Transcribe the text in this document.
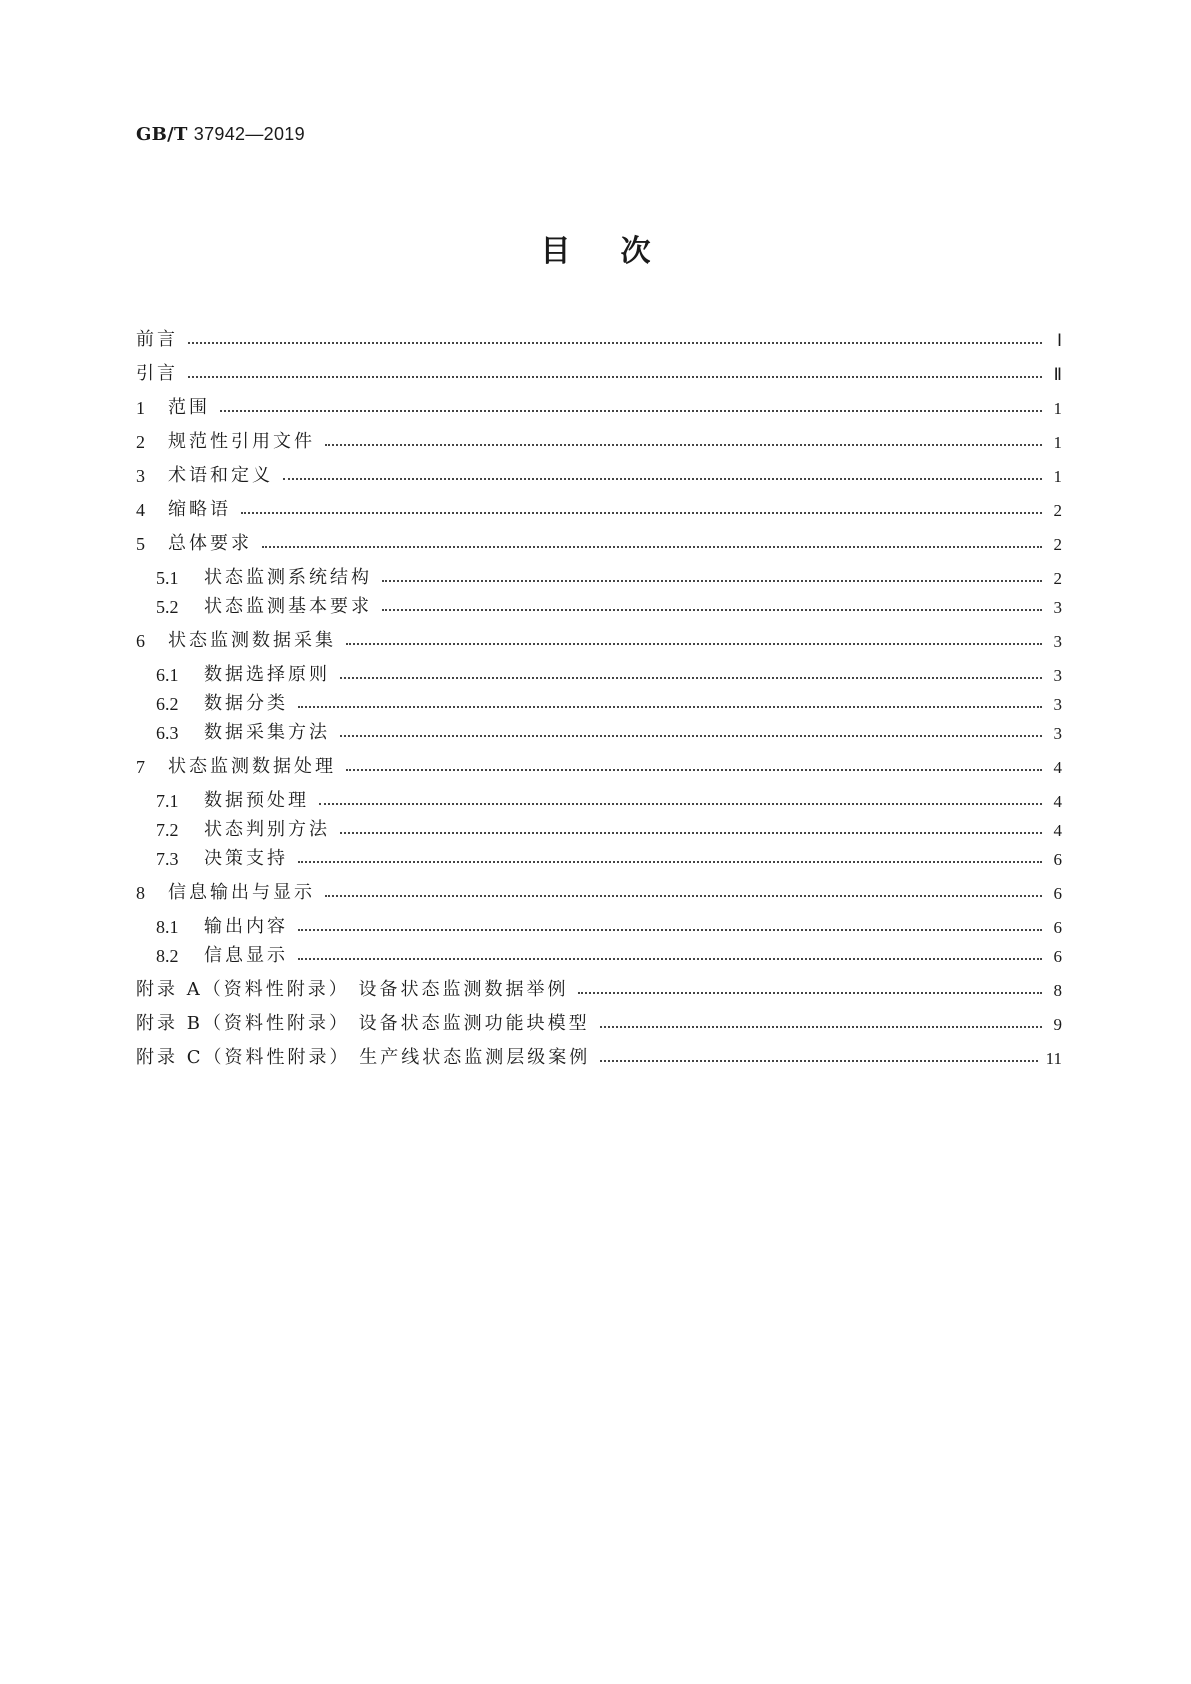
GB/T 37942—2019
目次
前言	Ⅰ
引言	Ⅱ
1	范围	1
2	规范性引用文件	1
3	术语和定义	1
4	缩略语	2
5	总体要求	2
5.1	状态监测系统结构	2
5.2	状态监测基本要求	3
6	状态监测数据采集	3
6.1	数据选择原则	3
6.2	数据分类	3
6.3	数据采集方法	3
7	状态监测数据处理	4
7.1	数据预处理	4
7.2	状态判别方法	4
7.3	决策支持	6
8	信息输出与显示	6
8.1	输出内容	6
8.2	信息显示	6
附录 A（资料性附录） 设备状态监测数据举例	8
附录 B（资料性附录） 设备状态监测功能块模型	9
附录 C（资料性附录） 生产线状态监测层级案例	11
